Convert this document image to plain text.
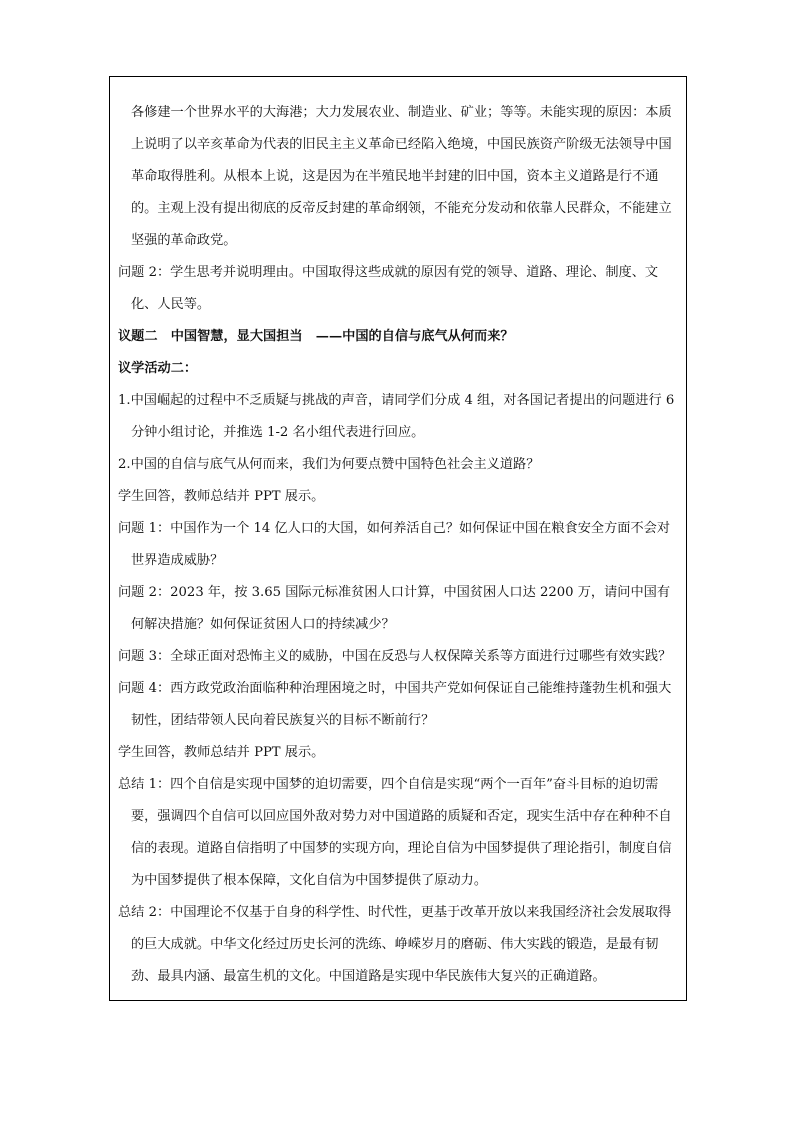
各修建一个世界水平的大海港；大力发展农业、制造业、矿业；等等。未能实现的原因：本质上说明了以辛亥革命为代表的旧民主主义革命已经陷入绝境，中国民族资产阶级无法领导中国革命取得胜利。从根本上说，这是因为在半殖民地半封建的旧中国，资本主义道路是行不通的。主观上没有提出彻底的反帝反封建的革命纲领，不能充分发动和依靠人民群众，不能建立坚强的革命政党。

问题 2：学生思考并说明理由。中国取得这些成就的原因有党的领导、道路、理论、制度、文化、人民等。

议题二　中国智慧，显大国担当　——中国的自信与底气从何而来？

议学活动二：

1.中国崛起的过程中不乏质疑与挑战的声音，请同学们分成 4 组，对各国记者提出的问题进行 6 分钟小组讨论，并推选 1-2 名小组代表进行回应。

2.中国的自信与底气从何而来，我们为何要点赞中国特色社会主义道路？

学生回答，教师总结并 PPT 展示。

问题 1：中国作为一个 14 亿人口的大国，如何养活自己？如何保证中国在粮食安全方面不会对世界造成威胁？

问题 2：2023 年，按 3.65 国际元标准贫困人口计算，中国贫困人口达 2200 万，请问中国有何解决措施？如何保证贫困人口的持续减少？

问题 3：全球正面对恐怖主义的威胁，中国在反恐与人权保障关系等方面进行过哪些有效实践？

问题 4：西方政党政治面临种种治理困境之时，中国共产党如何保证自己能维持蓬勃生机和强大韧性，团结带领人民向着民族复兴的目标不断前行？

学生回答，教师总结并 PPT 展示。

总结 1：四个自信是实现中国梦的迫切需要，四个自信是实现“两个一百年”奋斗目标的迫切需要，强调四个自信可以回应国外敌对势力对中国道路的质疑和否定，现实生活中存在种种不自信的表现。道路自信指明了中国梦的实现方向，理论自信为中国梦提供了理论指引，制度自信为中国梦提供了根本保障，文化自信为中国梦提供了原动力。

总结 2：中国理论不仅基于自身的科学性、时代性，更基于改革开放以来我国经济社会发展取得的巨大成就。中华文化经过历史长河的洗练、峥嵘岁月的磨砺、伟大实践的锻造，是最有韧劲、最具内涵、最富生机的文化。中国道路是实现中华民族伟大复兴的正确道路。
